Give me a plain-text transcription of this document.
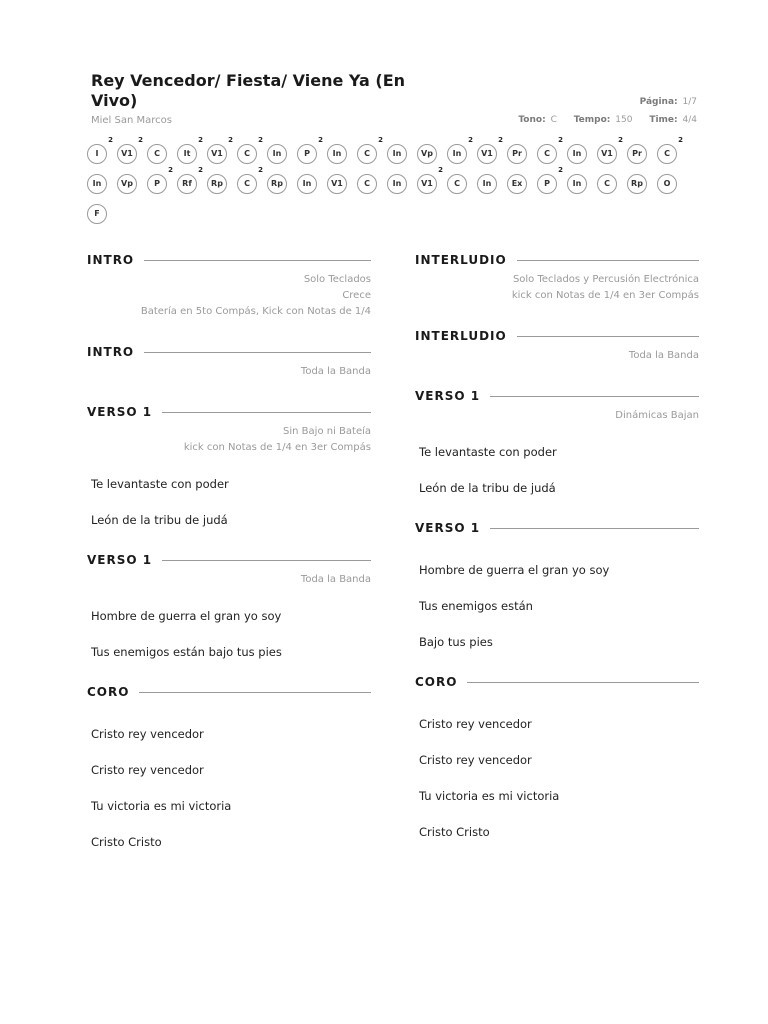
Rey Vencedor/ Fiesta/ Viene Ya (En Vivo)
Miel San Marcos
Página: 1/7
Tono: C Tempo: 150 Time: 4/4
I
2
V1
2
C	It
2
V1
2
C
2
In	P
2
In	C
2
In	Vp	In
2
V1
2
Pr	C
2
In	V1
2
Pr	C
2
In	Vp	P
2
Rf
2
Rp	C
2
Rp	In	V1	C	In	V1
2
C	In	Ex	P
2
In	C	Rp	O
F
INTRO
Solo Teclados
Crece
Batería en 5to Compás, Kick con Notas de 1/4
INTRO
Toda la Banda
VERSO 1
Sin Bajo ni Bateía
kick con Notas de 1/4 en 3er Compás
Te levantaste con poder
León de la tribu de judá
VERSO 1
Toda la Banda
Hombre de guerra el gran yo soy
Tus enemigos están bajo tus pies
CORO
Cristo rey vencedor
Cristo rey vencedor
Tu victoria es mi victoria
Cristo Cristo
INTERLUDIO
Solo Teclados y Percusión Electrónica
kick con Notas de 1/4 en 3er Compás
INTERLUDIO
Toda la Banda
VERSO 1
Dinámicas Bajan
Te levantaste con poder
León de la tribu de judá
VERSO 1
Hombre de guerra el gran yo soy
Tus enemigos están
Bajo tus pies
CORO
Cristo rey vencedor
Cristo rey vencedor
Tu victoria es mi victoria
Cristo Cristo
